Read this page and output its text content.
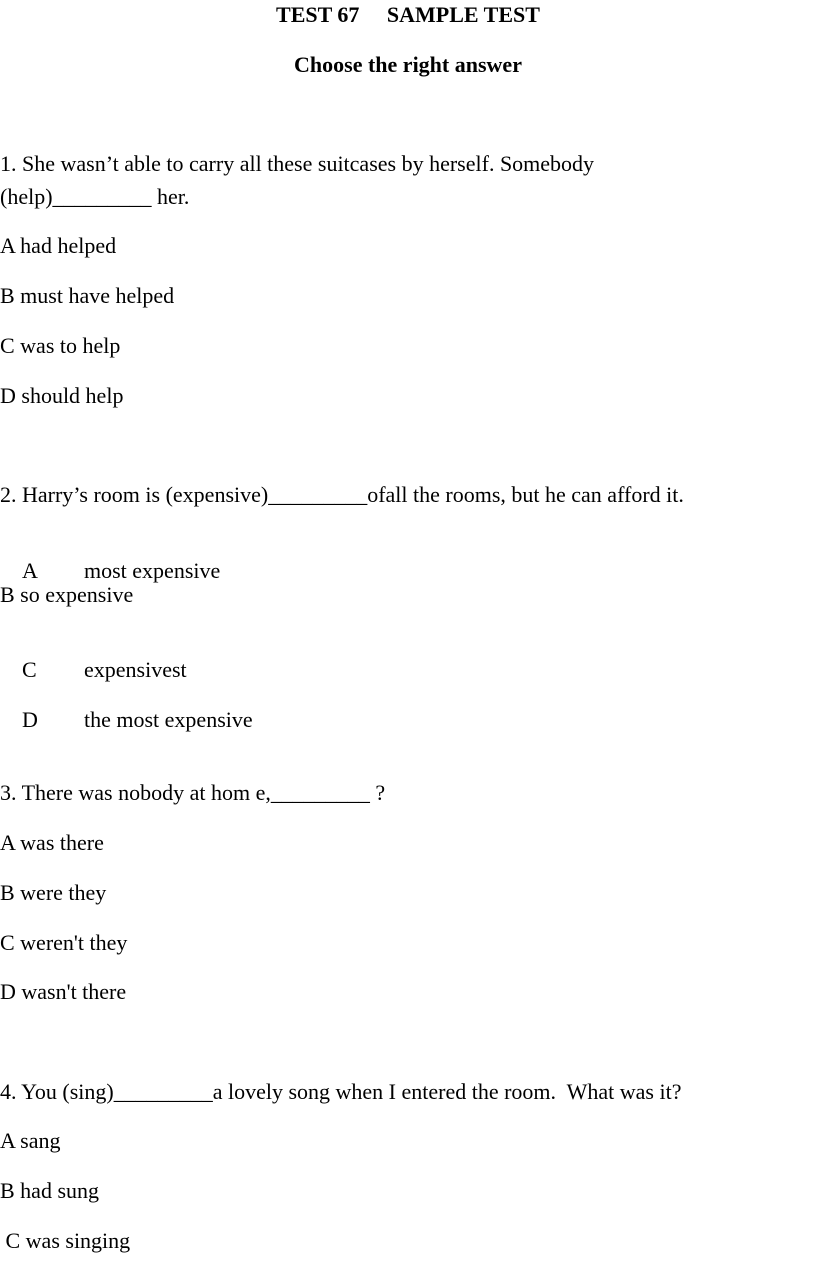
TEST 67     SAMPLE TEST
Choose the right answer
1. She wasn’t able to carry all these suitcases by herself. Somebody
(help)_________ her.
A had helped
B must have helped
C was to help
D should help
2. Harry’s room is (expensive)_________ofall the rooms, but he can afford it.

A most expensive

B so expensive

C expensivest

D the most expensive

3. There was nobody at hom e,_________ ?
A was there
B were they
C weren't they
D wasn't there
4. You (sing)_________a lovely song when I entered the room.  What was it?
A sang
B had sung
C was singing
